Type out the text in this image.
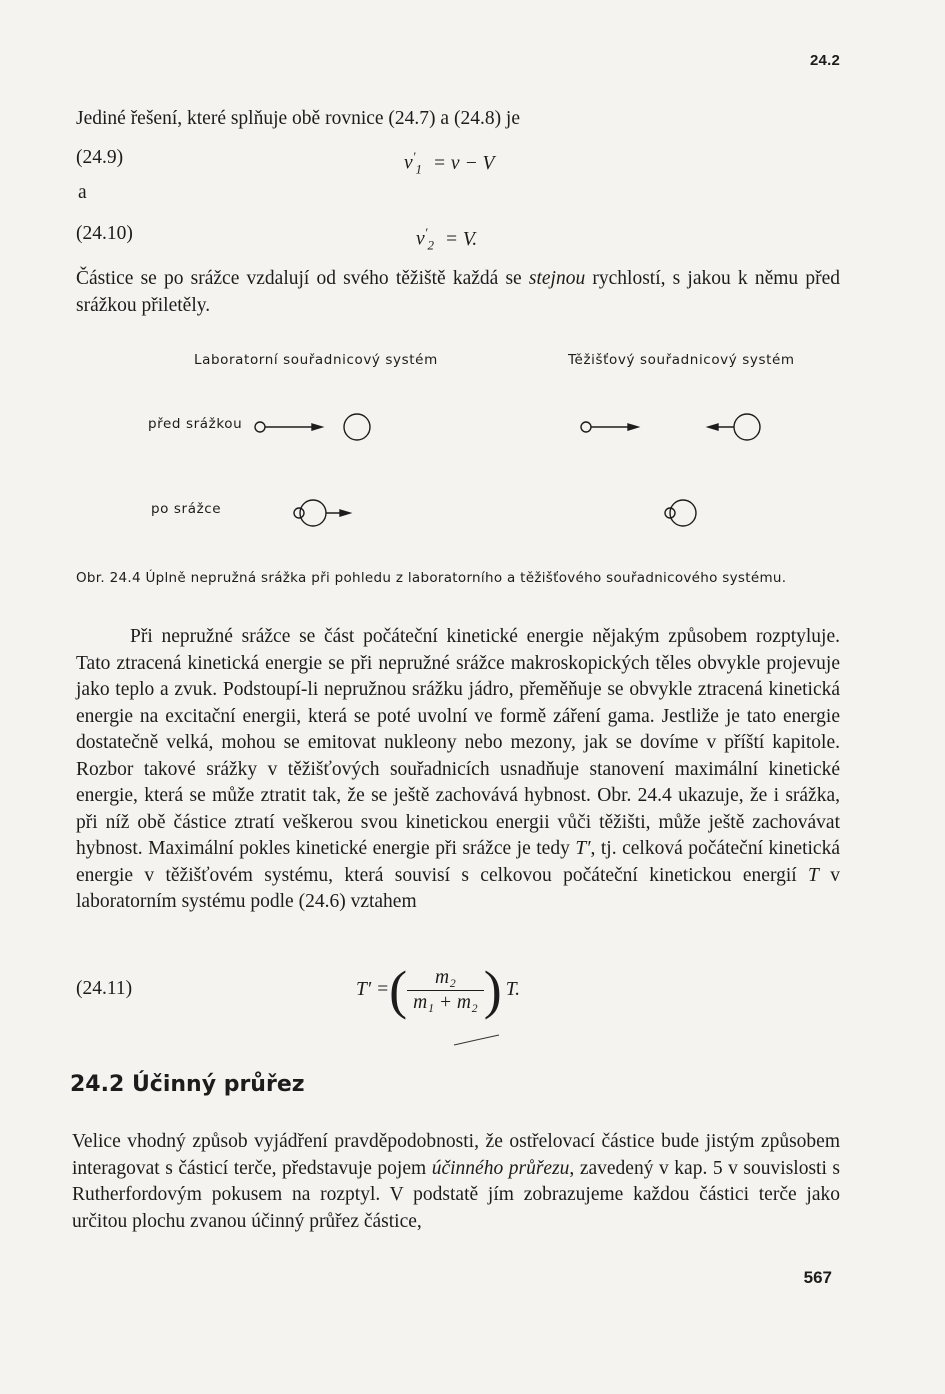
24.2
Jediné řešení, které splňuje obě rovnice (24.7) a (24.8) je
(24.9)	$v'_1 = v - V$
a
(24.10)	$v'_2 = V$.
Částice se po srážce vzdalují od svého těžiště každá se stejnou rychlostí, s jakou k němu před srážkou přiletěly.
Laboratorní souřadnicový systém	Těžišťový souřadnicový systém
před srážkou
po srážce
Obr. 24.4 Úplně nepružná srážka při pohledu z laboratorního a těžišťového souřadnicového systému.
Při nepružné srážce se část počáteční kinetické energie nějakým způsobem rozptyluje. Tato ztracená kinetická energie se při nepružné srážce makroskopických těles obvykle projevuje jako teplo a zvuk. Podstoupí-li nepružnou srážku jádro, přeměňuje se obvykle ztracená kinetická energie na excitační energii, která se poté uvolní ve formě záření gama. Jestliže je tato energie dostatečně velká, mohou se emitovat nukleony nebo mezony, jak se dovíme v příští kapitole. Rozbor takové srážky v těžišťových souřadnicích usnadňuje stanovení maximální kinetické energie, která se může ztratit tak, že se ještě zachovává hybnost. Obr. 24.4 ukazuje, že i srážka, při níž obě částice ztratí veškerou svou kinetickou energii vůči těžišti, může ještě zachovávat hybnost. Maximální pokles kinetické energie při srážce je tedy T′, tj. celková počáteční kinetická energie v těžišťovém systému, která souvisí s celkovou počáteční kinetickou energií T v laboratorním systému podle (24.6) vztahem
(24.11)	T′ = ( $\frac{\text{m₂}}{\text{m₁ + m₂}}$ ) T.
24.2 Účinný průřez
Velice vhodný způsob vyjádření pravděpodobnosti, že ostřelovací částice bude jistým způsobem interagovat s částicí terče, představuje pojem účinného průřezu, zavedený v kap. 5 v souvislosti s Rutherfordovým pokusem na rozptyl. V podstatě jím zobrazujeme každou částici terče jako určitou plochu zvanou účinný průřez částice,
567
